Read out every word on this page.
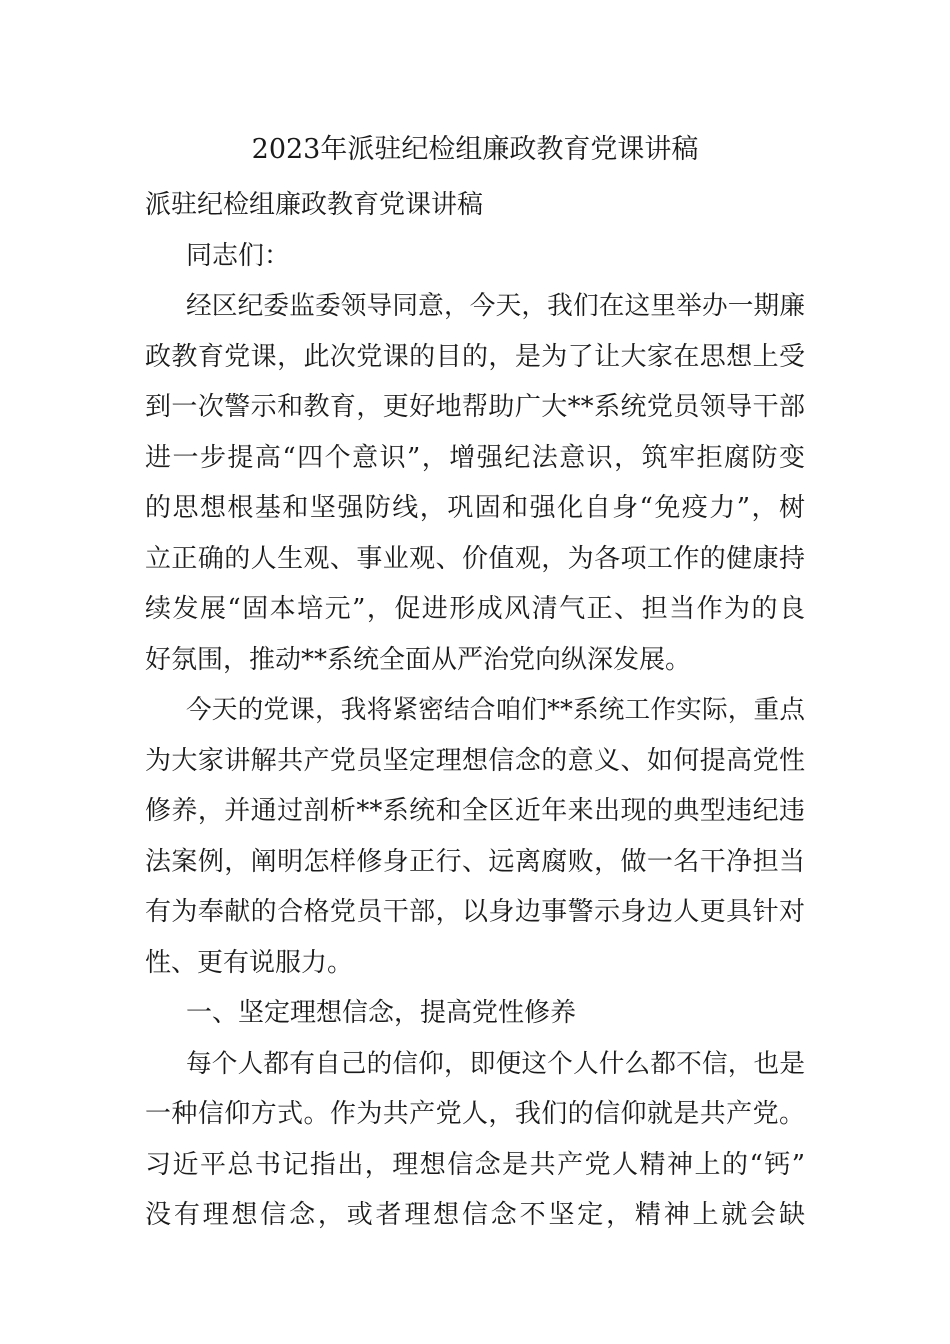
2023年派驻纪检组廉政教育党课讲稿
派驻纪检组廉政教育党课讲稿
同志们：
经区纪委监委领导同意，今天，我们在这里举办一期廉
政教育党课，此次党课的目的，是为了让大家在思想上受
到一次警示和教育，更好地帮助广大**系统党员领导干部
进一步提高“四个意识”，增强纪法意识，筑牢拒腐防变
的思想根基和坚强防线，巩固和强化自身“免疫力”，树
立正确的人生观、事业观、价值观，为各项工作的健康持
续发展“固本培元”，促进形成风清气正、担当作为的良
好氛围，推动**系统全面从严治党向纵深发展。
今天的党课，我将紧密结合咱们**系统工作实际，重点
为大家讲解共产党员坚定理想信念的意义、如何提高党性
修养，并通过剖析**系统和全区近年来出现的典型违纪违
法案例，阐明怎样修身正行、远离腐败，做一名干净担当
有为奉献的合格党员干部，以身边事警示身边人更具针对
性、更有说服力。
一、坚定理想信念，提高党性修养
每个人都有自己的信仰，即便这个人什么都不信，也是
一种信仰方式。作为共产党人，我们的信仰就是共产党。
习近平总书记指出，理想信念是共产党人精神上的“钙”
没有理想信念，或者理想信念不坚定，精神上就会缺
